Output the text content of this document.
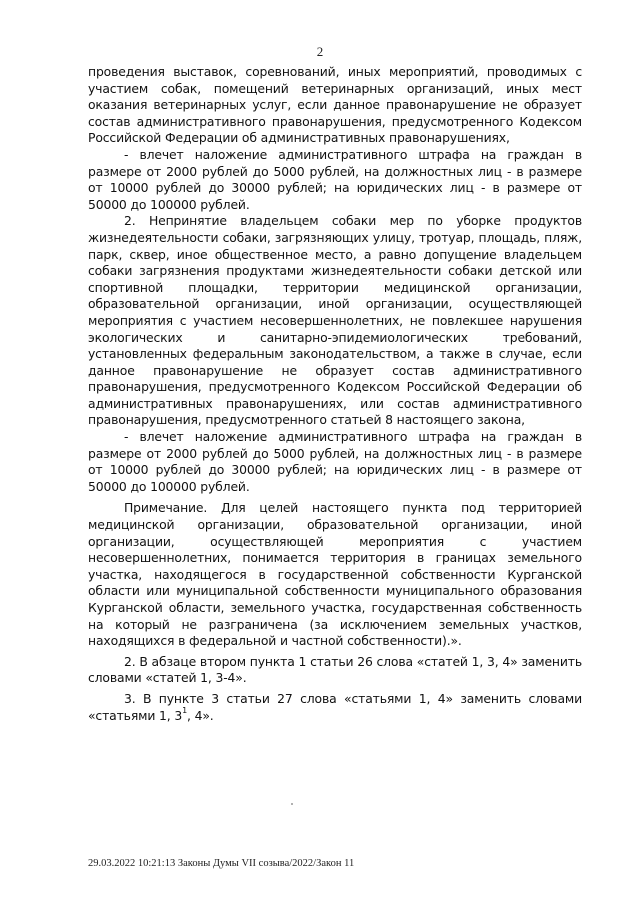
2

проведения выставок, соревнований, иных мероприятий, проводимых с участием собак, помещений ветеринарных организаций, иных мест оказания ветеринарных услуг, если данное правонарушение не образует состав административного правонарушения, предусмотренного Кодексом Российской Федерации об административных правонарушениях,

- влечет наложение административного штрафа на граждан в размере от 2000 рублей до 5000 рублей, на должностных лиц - в размере от 10000 рублей до 30000 рублей; на юридических лиц - в размере от 50000 до 100000 рублей.

2. Непринятие владельцем собаки мер по уборке продуктов жизнедеятельности собаки, загрязняющих улицу, тротуар, площадь, пляж, парк, сквер, иное общественное место, а равно допущение владельцем собаки загрязнения продуктами жизнедеятельности собаки детской или спортивной площадки, территории медицинской организации, образовательной организации, иной организации, осуществляющей мероприятия с участием несовершеннолетних, не повлекшее нарушения экологических и санитарно-эпидемиологических требований, установленных федеральным законодательством, а также в случае, если данное правонарушение не образует состав административного правонарушения, предусмотренного Кодексом Российской Федерации об административных правонарушениях, или состав административного правонарушения, предусмотренного статьей 8 настоящего закона,

- влечет наложение административного штрафа на граждан в размере от 2000 рублей до 5000 рублей, на должностных лиц - в размере от 10000 рублей до 30000 рублей; на юридических лиц - в размере от 50000 до 100000 рублей.

Примечание. Для целей настоящего пункта под территорией медицинской организации, образовательной организации, иной организации, осуществляющей мероприятия с участием несовершеннолетних, понимается территория в границах земельного участка, находящегося в государственной собственности Курганской области или муниципальной собственности муниципального образования Курганской области, земельного участка, государственная собственность на который не разграничена (за исключением земельных участков, находящихся в федеральной и частной собственности).».

2. В абзаце втором пункта 1 статьи 26 слова «статей 1, 3, 4» заменить словами «статей 1, 3-4».

3. В пункте 3 статьи 27 слова «статьями 1, 4» заменить словами «статьями 1, $3^1$, 4».

29.03.2022 10:21:13 Законы Думы VII созыва/2022/Закон 11
